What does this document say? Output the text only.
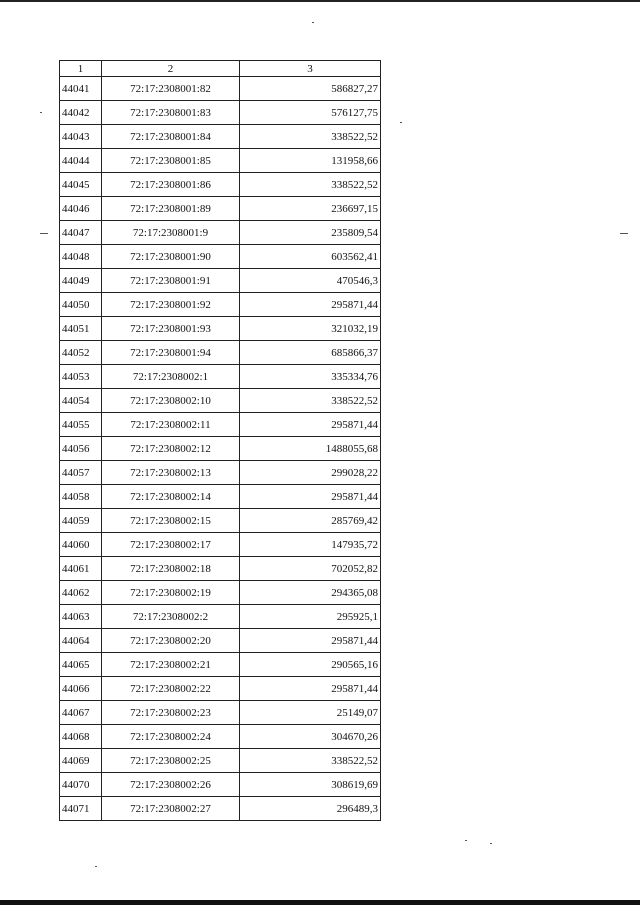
1	2	3
44041	72:17:2308001:82	586827,27
44042	72:17:2308001:83	576127,75
44043	72:17:2308001:84	338522,52
44044	72:17:2308001:85	131958,66
44045	72:17:2308001:86	338522,52
44046	72:17:2308001:89	236697,15
44047	72:17:2308001:9	235809,54
44048	72:17:2308001:90	603562,41
44049	72:17:2308001:91	470546,3
44050	72:17:2308001:92	295871,44
44051	72:17:2308001:93	321032,19
44052	72:17:2308001:94	685866,37
44053	72:17:2308002:1	335334,76
44054	72:17:2308002:10	338522,52
44055	72:17:2308002:11	295871,44
44056	72:17:2308002:12	1488055,68
44057	72:17:2308002:13	299028,22
44058	72:17:2308002:14	295871,44
44059	72:17:2308002:15	285769,42
44060	72:17:2308002:17	147935,72
44061	72:17:2308002:18	702052,82
44062	72:17:2308002:19	294365,08
44063	72:17:2308002:2	295925,1
44064	72:17:2308002:20	295871,44
44065	72:17:2308002:21	290565,16
44066	72:17:2308002:22	295871,44
44067	72:17:2308002:23	25149,07
44068	72:17:2308002:24	304670,26
44069	72:17:2308002:25	338522,52
44070	72:17:2308002:26	308619,69
44071	72:17:2308002:27	296489,3
